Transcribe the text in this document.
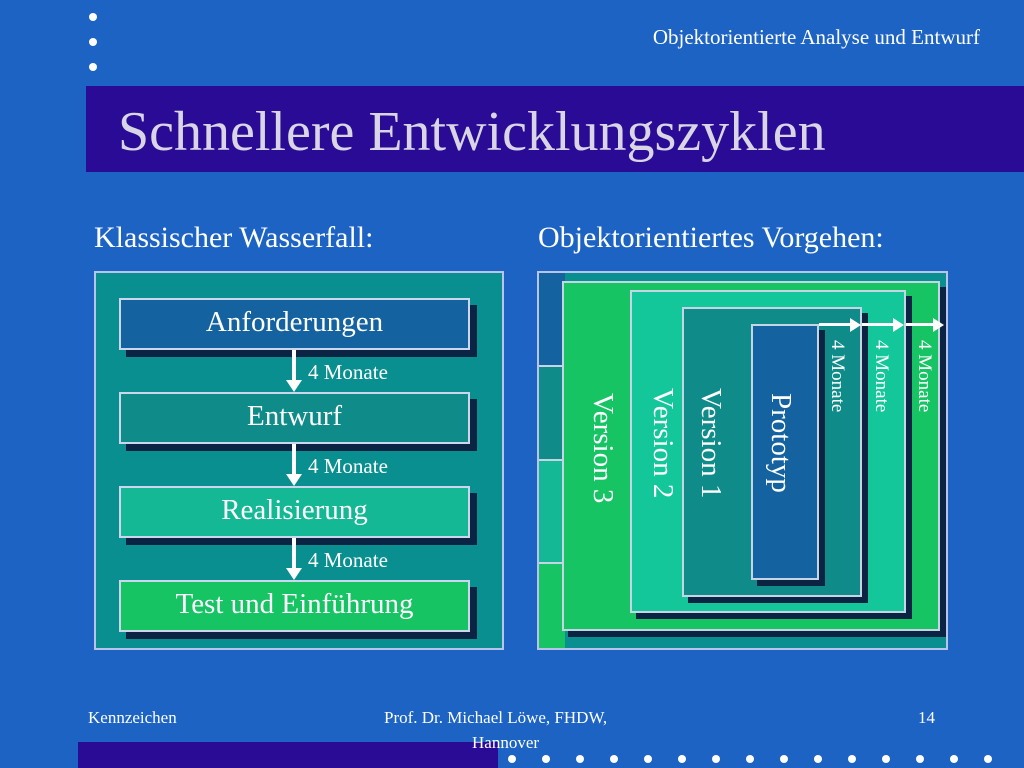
Objektorientierte Analyse und Entwurf
Schnellere Entwicklungszyklen
Klassischer Wasserfall:	Objektorientiertes Vorgehen:
Anforderungen
Entwurf
Realisierung
Test und Einführung
4 Monate
4 Monate
4 Monate
Version 3 Version 2 Version 1 Prototyp
4 Monate 4 Monate 4 Monate
Kennzeichen	Prof. Dr. Michael Löwe, FHDW,
Hannover
14
